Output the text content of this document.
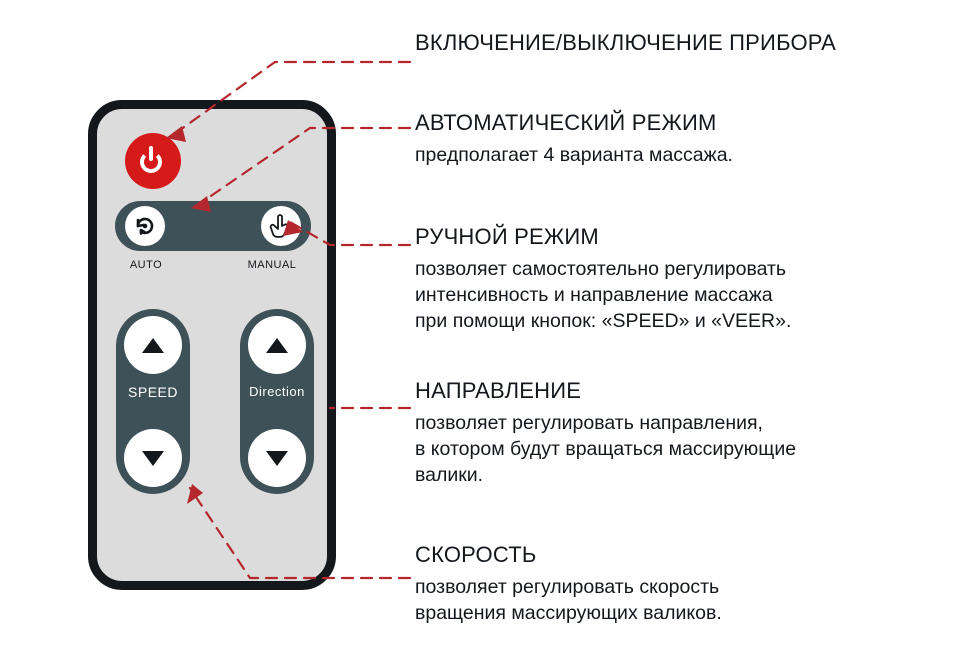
AUTO	MANUAL
SPEED	Direction
ВКЛЮЧЕНИЕ/ВЫКЛЮЧЕНИЕ ПРИБОРА
АВТОМАТИЧЕСКИЙ РЕЖИМ
предполагает 4 варианта массажа.
РУЧНОЙ РЕЖИМ
позволяет самостоятельно регулировать
интенсивность и направление массажа
при помощи кнопок: «SPEED» и «VEER».
НАПРАВЛЕНИЕ
позволяет регулировать направления,
в котором будут вращаться массирующие
валики.
СКОРОСТЬ
позволяет регулировать скорость
вращения массирующих валиков.
